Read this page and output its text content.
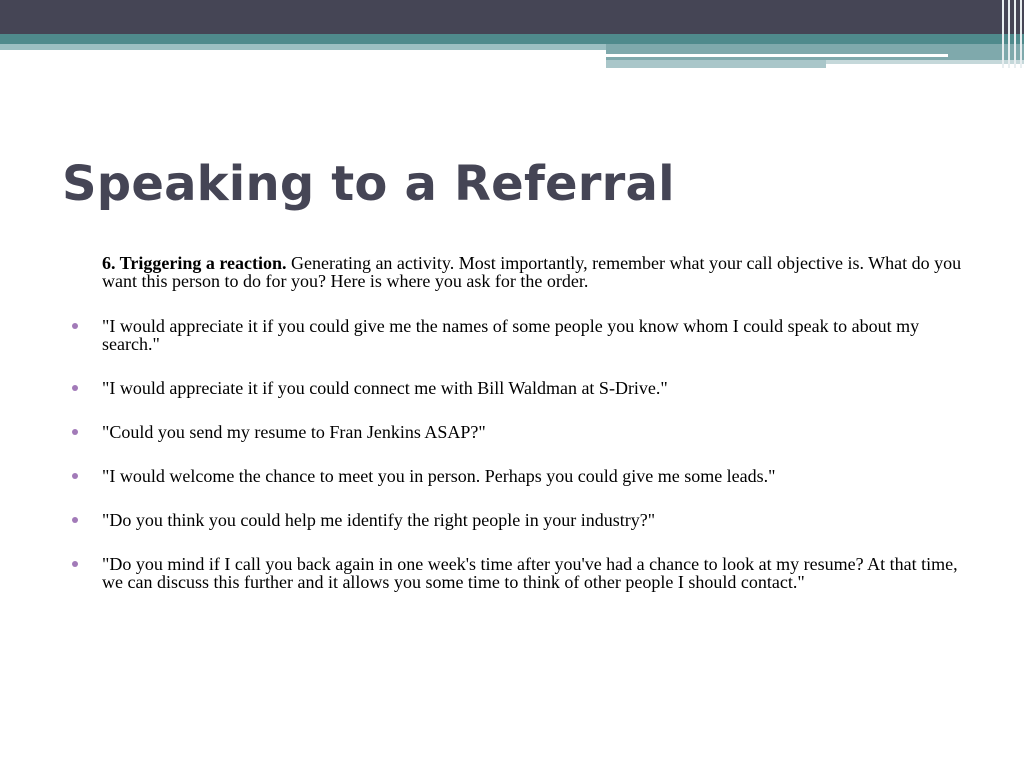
Speaking to a Referral

6. Triggering a reaction. Generating an activity. Most importantly, remember what your call objective is. What do you want this person to do for you? Here is where you ask for the order.

"I would appreciate it if you could give me the names of some people you know whom I could speak to about my search."
"I would appreciate it if you could connect me with Bill Waldman at S-Drive."
"Could you send my resume to Fran Jenkins ASAP?"
"I would welcome the chance to meet you in person. Perhaps you could give me some leads."
"Do you think you could help me identify the right people in your industry?"
"Do you mind if I call you back again in one week's time after you've had a chance to look at my resume? At that time, we can discuss this further and it allows you some time to think of other people I should contact."
